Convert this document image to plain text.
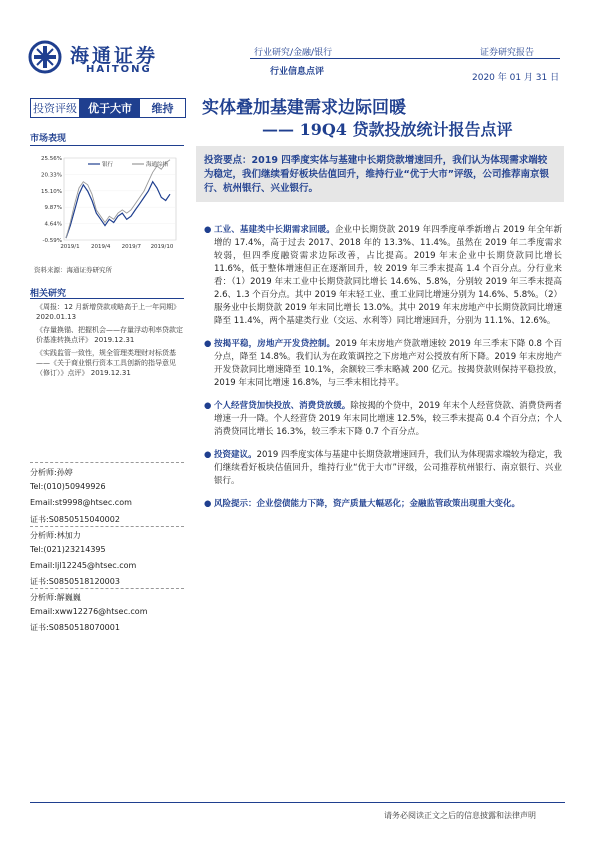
海通证券
HAITONG
行业研究/金融/银行	证券研究报告
行业信息点评
2020 年 01 月 31 日
投资评级	优于大市	维持	实体叠加基建需求边际回暖
—— 19Q4 贷款投放统计报告点评
市场表现
25.56%
20.33%
15.10%
9.87%
4.64%
-0.59%
2019/1 2019/4 2019/7 2019/10
银行	海通综指
资料来源：海通证券研究所
相关研究
《周报：12 月新增贷款或略高于上一年同期》 2020.01.13
《存量换锚、把握机会——存量浮动利率贷款定价基准转换点评》 2019.12.31
《实践监管一致性，规全管理类理财对标货基——《关于商业银行资本工具创新的指导意见（修订）》点评》 2019.12.31
分析师:孙婷
Tel:(010)50949926
Email:st9998@htsec.com
证书:S0850515040002
分析师:林加力
Tel:(021)23214395
Email:ljl12245@htsec.com
证书:S0850518120003
分析师:解巍巍
Email:xww12276@htsec.com
证书:S0850518070001
投资要点：2019 四季度实体与基建中长期贷款增速回升，我们认为体现需求端较为稳定，我们继续看好板块估值回升，维持行业“优于大市”评级，公司推荐南京银行、杭州银行、兴业银行。
● 工业、基建类中长期需求回暖。企业中长期贷款 2019 年四季度单季新增占 2019 年全年新增的 17.4%，高于过去 2017、2018 年的 13.3%、11.4%。虽然在 2019 年二季度需求较弱，但四季度融资需求边际改善，占比提高。2019 年末企业中长期贷款同比增长 11.6%，低于整体增速但正在逐渐回升，较 2019 年三季末提高 1.4 个百分点。分行业来看：（1）2019 年末工业中长期贷款同比增长 14.6%、5.8%，分别较 2019 年三季末提高 2.6、1.3 个百分点。其中 2019 年末轻工业、重工业同比增速分别为 14.6%、5.8%。（2）服务业中长期贷款 2019 年末同比增长 13.0%。其中 2019 年末房地产中长期贷款同比增速降至 11.4%，两个基建类行业（交运、水利等）同比增速回升，分别为 11.1%、12.6%。
● 按揭平稳，房地产开发贷控制。2019 年末房地产贷款增速较 2019 年三季末下降 0.8 个百分点，降至 14.8%。我们认为在政策调控之下房地产对公授放有所下降。2019 年末房地产开发贷款同比增速降至 10.1%，余额较三季末略减 200 亿元。按揭贷款则保持平稳投放，2019 年末同比增速 16.8%，与三季末相比持平。
● 个人经营贷加快投放、消费贷放缓。除按揭的个贷中，2019 年末个人经营贷款、消费贷两者增速一升一降。个人经营贷 2019 年末同比增速 12.5%，较三季末提高 0.4 个百分点；个人消费贷同比增长 16.3%，较三季末下降 0.7 个百分点。
● 投资建议。2019 四季度实体与基建中长期贷款增速回升，我们认为体现需求端较为稳定，我们继续看好板块估值回升，维持行业“优于大市”评级，公司推荐杭州银行、南京银行、兴业银行。
● 风险提示：企业偿债能力下降，资产质量大幅恶化；金融监管政策出现重大变化。
请务必阅读正文之后的信息披露和法律声明
